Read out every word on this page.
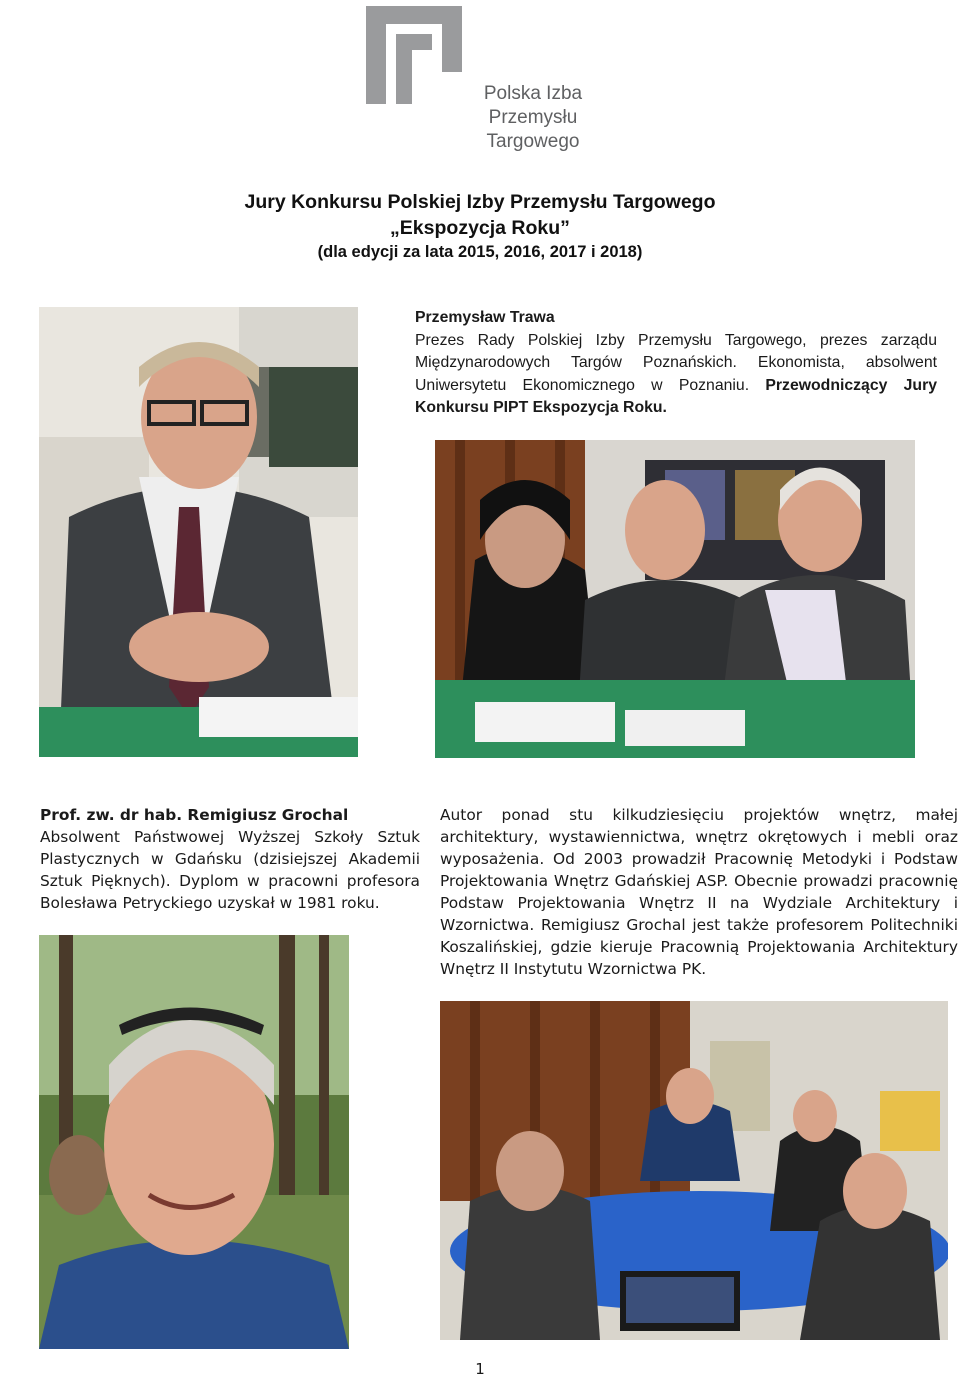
Polska Izba
Przemysłu
Targowego
Jury Konkursu Polskiej Izby Przemysłu Targowego
„Ekspozycja Roku”
(dla edycji za lata 2015, 2016, 2017 i 2018)
Przemysław Trawa
Prezes Rady Polskiej Izby Przemysłu Targowego, prezes zarządu Międzynarodowych Targów Poznańskich. Ekonomista, absolwent Uniwersytetu Ekonomicznego w Poznaniu. Przewodniczący Jury Konkursu PIPT Ekspozycja Roku.
Prof. zw. dr hab. Remigiusz Grochal
Absolwent Państwowej Wyższej Szkoły Sztuk Plastycznych w Gdańsku (dzisiejszej Akademii Sztuk Pięknych). Dyplom w pracowni profesora Bolesława Petryckiego uzyskał w 1981 roku.
Autor ponad stu kilkudziesięciu projektów wnętrz, małej architektury, wystawiennictwa, wnętrz okrętowych i mebli oraz wyposażenia. Od 2003 prowadził Pracownię Metodyki i Podstaw Projektowania Wnętrz Gdańskiej ASP. Obecnie prowadzi pracownię Podstaw Projektowania Wnętrz II na Wydziale Architektury i Wzornictwa. Remigiusz Grochal jest także profesorem Politechniki Koszalińskiej, gdzie kieruje Pracownią Projektowania Architektury Wnętrz II Instytutu Wzornictwa PK.
1
